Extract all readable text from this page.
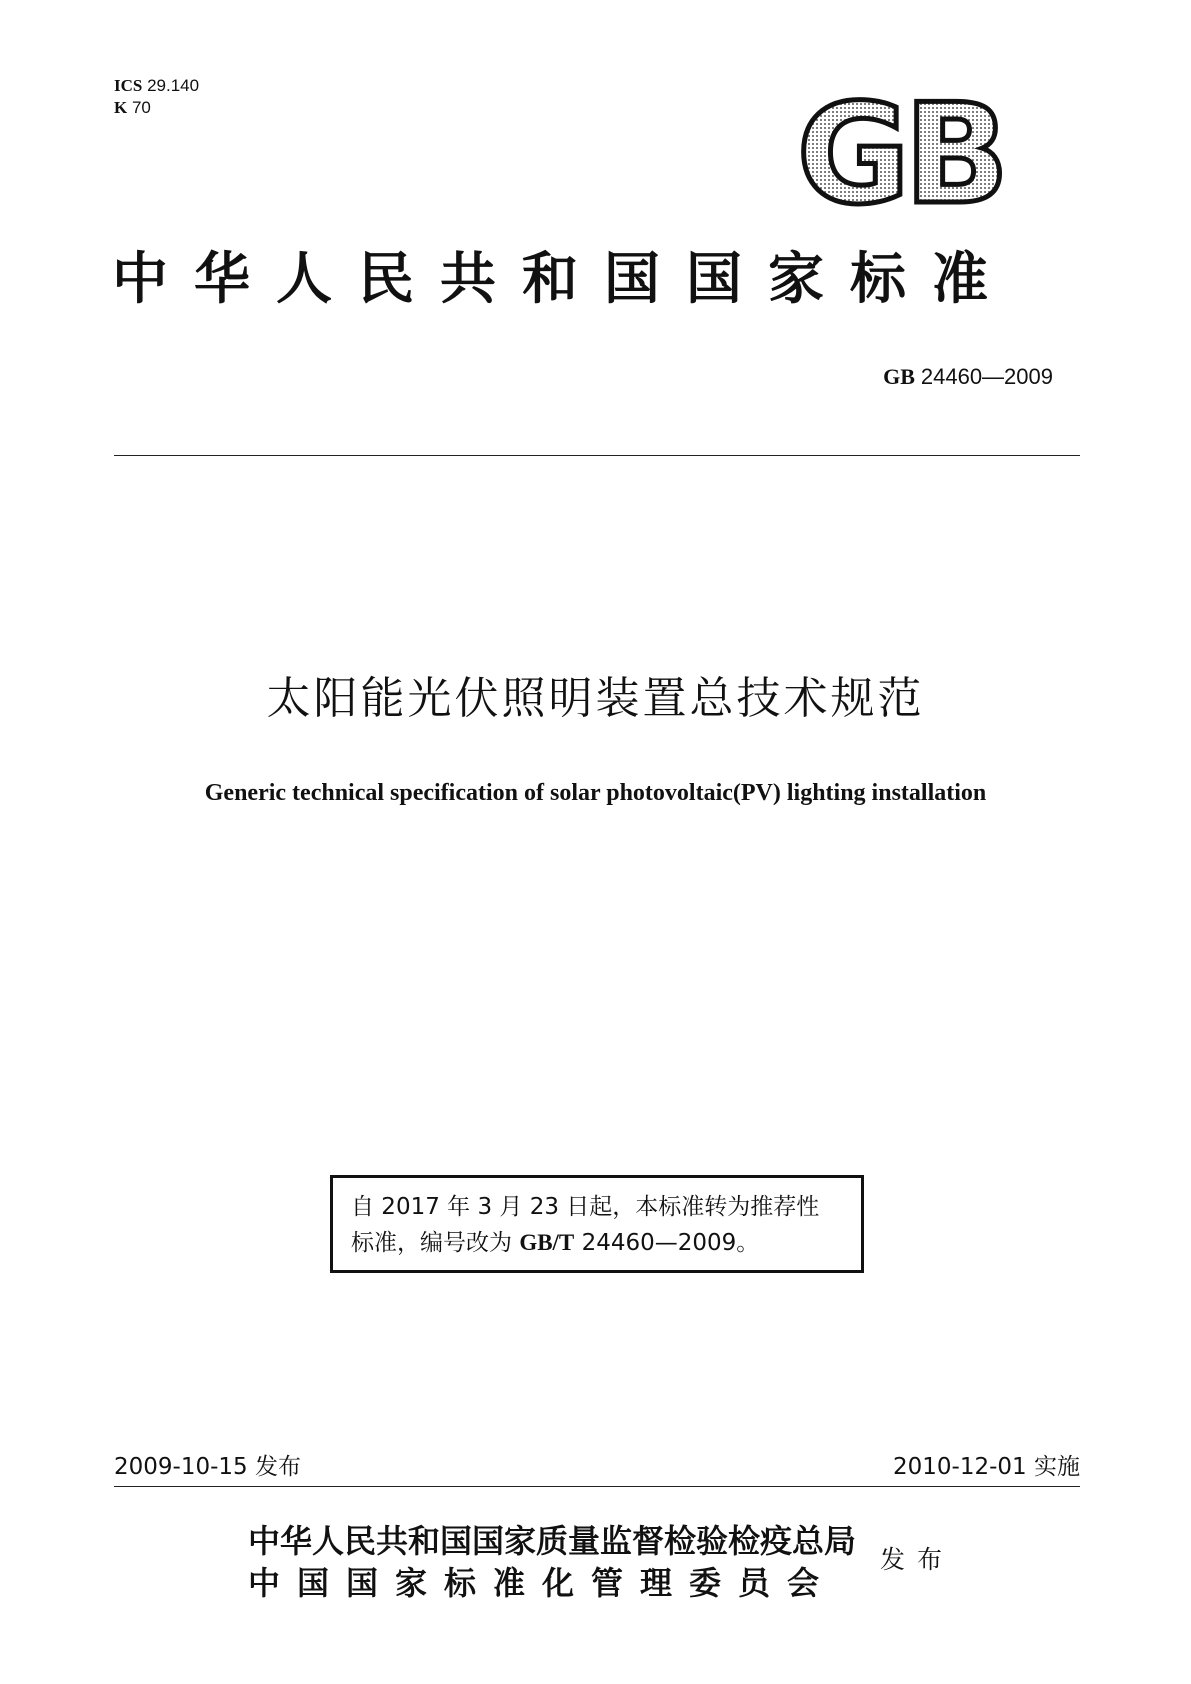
ICS 29.140
K 70	GB
中华人民共和国国家标准
GB 24460—2009
太阳能光伏照明装置总技术规范
Generic technical specification of solar photovoltaic(PV) lighting installation
自 2017 年 3 月 23 日起，本标准转为推荐性
标准，编号改为 GB/T 24460—2009。
2009-10-15 发布	2010-12-01 实施
中华人民共和国国家质量监督检验检疫总局
中国国家标准化管理委员会
发布
